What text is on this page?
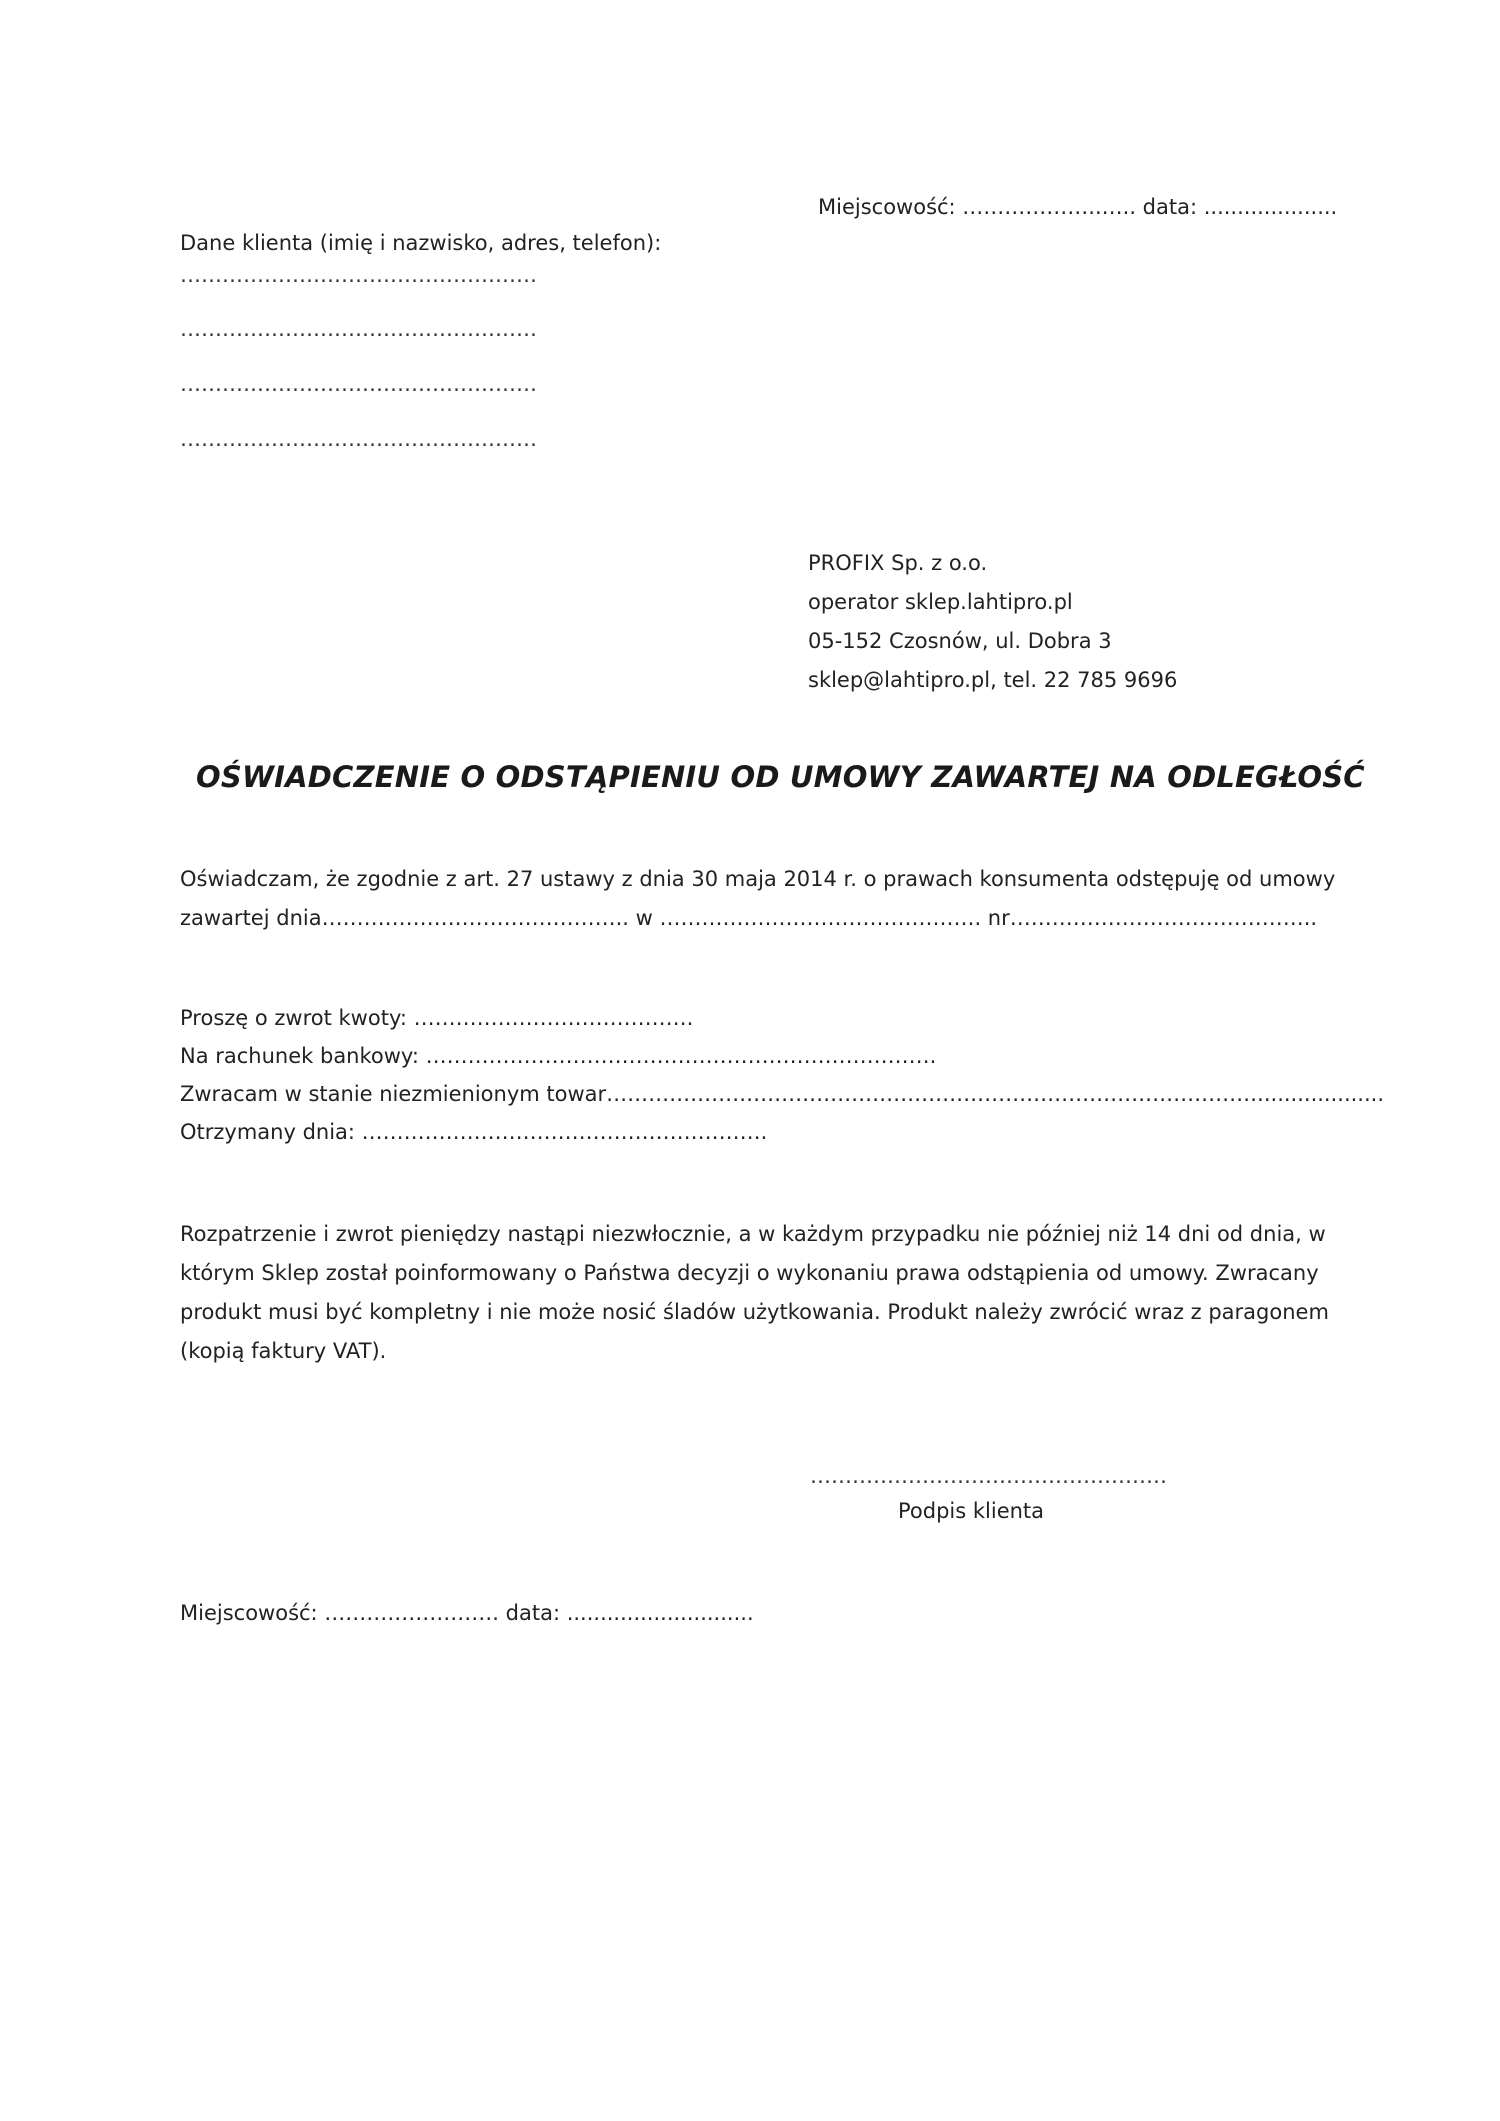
Miejscowość: ………………..….. data: ....................
Dane klienta (imię i nazwisko, adres, telefon):
……………………………………………
……………………………………………
……………………………………………
……………………………………………
PROFIX Sp. z o.o.
operator sklep.lahtipro.pl
05-152 Czosnów, ul. Dobra 3
sklep@lahtipro.pl, tel. 22 785 9696
OŚWIADCZENIE O ODSTĄPIENIU OD UMOWY ZAWARTEJ NA ODLEGŁOŚĆ
Oświadczam, że zgodnie z art. 27 ustawy z dnia 30 maja 2014 r. o prawach konsumenta odstępuję od umowy
zawartej dnia…………………………………….. w ………………………………………. nr……………………………………..
Proszę o zwrot kwoty: ………………………………….
Na rachunek bankowy: ……………………………………………………………….
Zwracam w stanie niezmienionym towar…………………………………………………………………………………...................
Otrzymany dnia: ………………………………………………….
Rozpatrzenie i zwrot pieniędzy nastąpi niezwłocznie, a w każdym przypadku nie później niż 14 dni od dnia, w
którym Sklep został poinformowany o Państwa decyzji o wykonaniu prawa odstąpienia od umowy. Zwracany
produkt musi być kompletny i nie może nosić śladów użytkowania. Produkt należy zwrócić wraz z paragonem
(kopią faktury VAT).
……………………………………………
Podpis klienta
Miejscowość: ……………………. data: ............................
